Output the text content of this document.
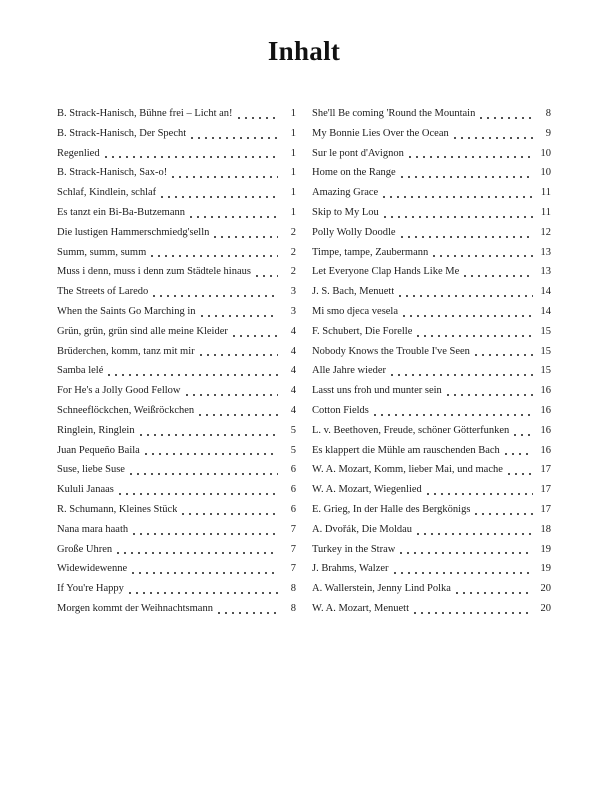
Inhalt
B. Strack-Hanisch, Bühne frei – Licht an!	1
B. Strack-Hanisch, Der Specht	1
Regenlied	1
B. Strack-Hanisch, Sax-o!	1
Schlaf, Kindlein, schlaf	1
Es tanzt ein Bi-Ba-Butzemann	1
Die lustigen Hammerschmiedg'selln	2
Summ, summ, summ	2
Muss i denn, muss i denn zum Städtele hinaus	2
The Streets of Laredo	3
When the Saints Go Marching in	3
Grün, grün, grün sind alle meine Kleider	4
Brüderchen, komm, tanz mit mir	4
Samba lelé	4
For He's a Jolly Good Fellow	4
Schneeflöckchen, Weißröckchen	4
Ringlein, Ringlein	5
Juan Pequeño Baila	5
Suse, liebe Suse	6
Kululi Janaas	6
R. Schumann, Kleines Stück	6
Nana mara haath	7
Große Uhren	7
Widewidewenne	7
If You're Happy	8
Morgen kommt der Weihnachtsmann	8
She'll Be coming 'Round the Mountain	8
My Bonnie Lies Over the Ocean	9
Sur le pont d'Avignon	10
Home on the Range	10
Amazing Grace	11
Skip to My Lou	11
Polly Wolly Doodle	12
Timpe, tampe, Zaubermann	13
Let Everyone Clap Hands Like Me	13
J. S. Bach, Menuett	14
Mi smo djeca vesela	14
F. Schubert, Die Forelle	15
Nobody Knows the Trouble I've Seen	15
Alle Jahre wieder	15
Lasst uns froh und munter sein	16
Cotton Fields	16
L. v. Beethoven, Freude, schöner Götterfunken	16
Es klappert die Mühle am rauschenden Bach	16
W. A. Mozart, Komm, lieber Mai, und mache	17
W. A. Mozart, Wiegenlied	17
E. Grieg, In der Halle des Bergkönigs	17
A. Dvořák, Die Moldau	18
Turkey in the Straw	19
J. Brahms, Walzer	19
A. Wallerstein, Jenny Lind Polka	20
W. A. Mozart, Menuett	20
